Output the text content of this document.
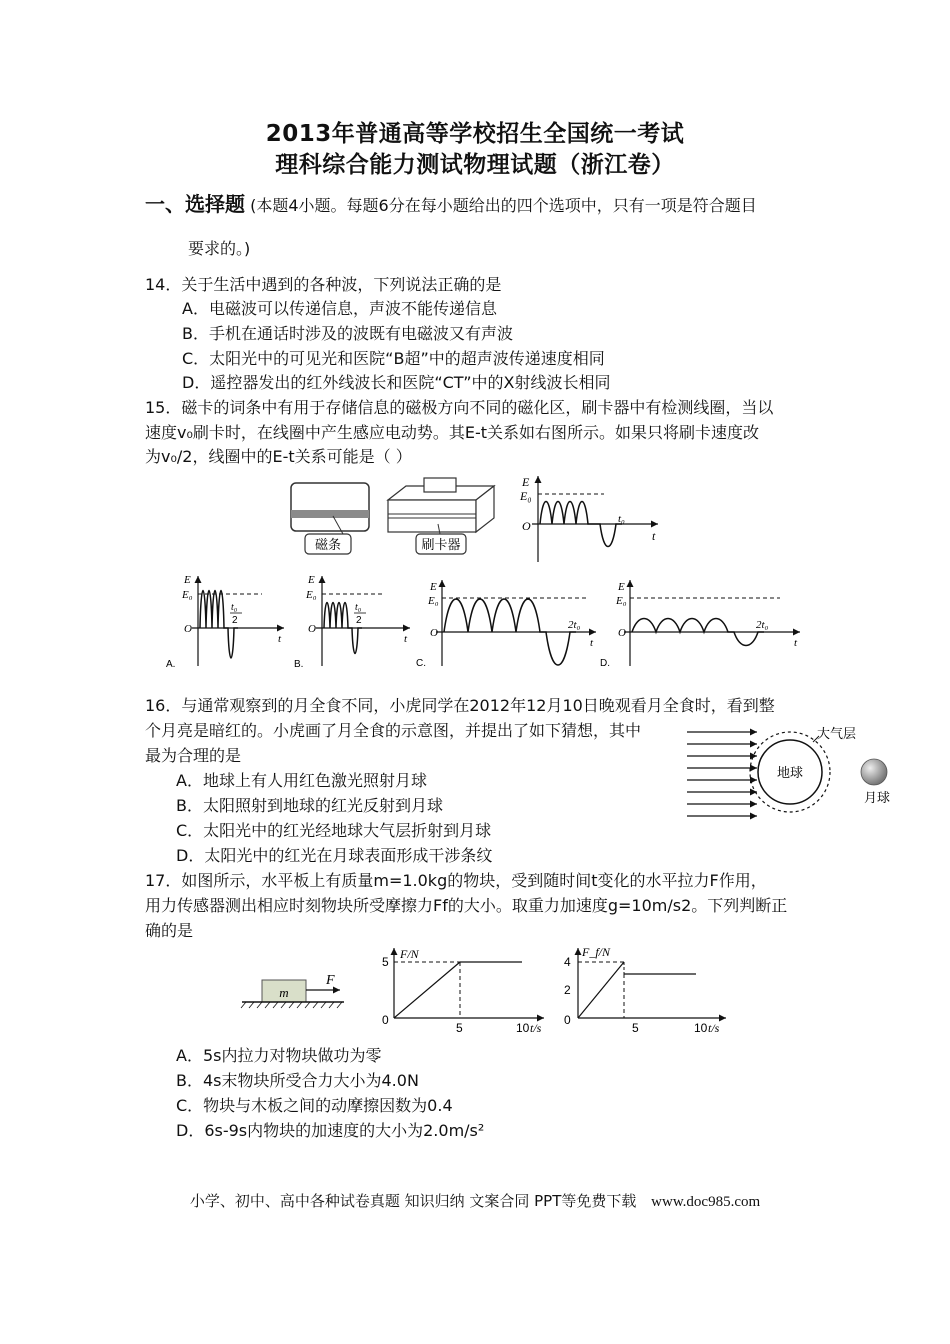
2013年普通高等学校招生全国统一考试
理科综合能力测试物理试题（浙江卷）
一、选择题 (本题4小题。每题6分在每小题给出的四个选项中，只有一项是符合题目
要求的。)
14．关于生活中遇到的各种波，下列说法正确的是
A．电磁波可以传递信息，声波不能传递信息
B．手机在通话时涉及的波既有电磁波又有声波
C．太阳光中的可见光和医院“B超”中的超声波传递速度相同
D．遥控器发出的红外线波长和医院“CT”中的X射线波长相同
15．磁卡的词条中有用于存储信息的磁极方向不同的磁化区，刷卡器中有检测线圈，当以
速度v₀刷卡时，在线圈中产生感应电动势。其E-t关系如右图所示。如果只将刷卡速度改
为v₀/2，线圈中的E-t关系可能是（ ）
磁条	刷卡器
E
E₀
O
t
t₀
E
E₀
O
t
t₀
2
A.
E
E₀
O
t
t₀
2
B.
E
E₀
O
t
2t₀
C.
E
E₀
O
t
2t₀
D.
16．与通常观察到的月全食不同，小虎同学在2012年12月10日晚观看月全食时，看到整
个月亮是暗红的。小虎画了月全食的示意图，并提出了如下猜想，其中
最为合理的是
A．地球上有人用红色激光照射月球
B．太阳照射到地球的红光反射到月球
C．太阳光中的红光经地球大气层折射到月球
D．太阳光中的红光在月球表面形成干涉条纹
地球
大气层
月球
17．如图所示，水平板上有质量m=1.0kg的物块，受到随时间t变化的水平拉力F作用，
用力传感器测出相应时刻物块所受摩擦力Ff的大小。取重力加速度g=10m/s2。下列判断正
确的是
m
F
F/N
5
0
5	10 t/s
F_f/N
4
2
0
5	10 t/s
A．5s内拉力对物块做功为零
B．4s末物块所受合力大小为4.0N
C．物块与木板之间的动摩擦因数为0.4
D．6s-9s内物块的加速度的大小为2.0m/s²
小学、初中、高中各种试卷真题 知识归纳 文案合同 PPT等免费下载 www.doc985.com
